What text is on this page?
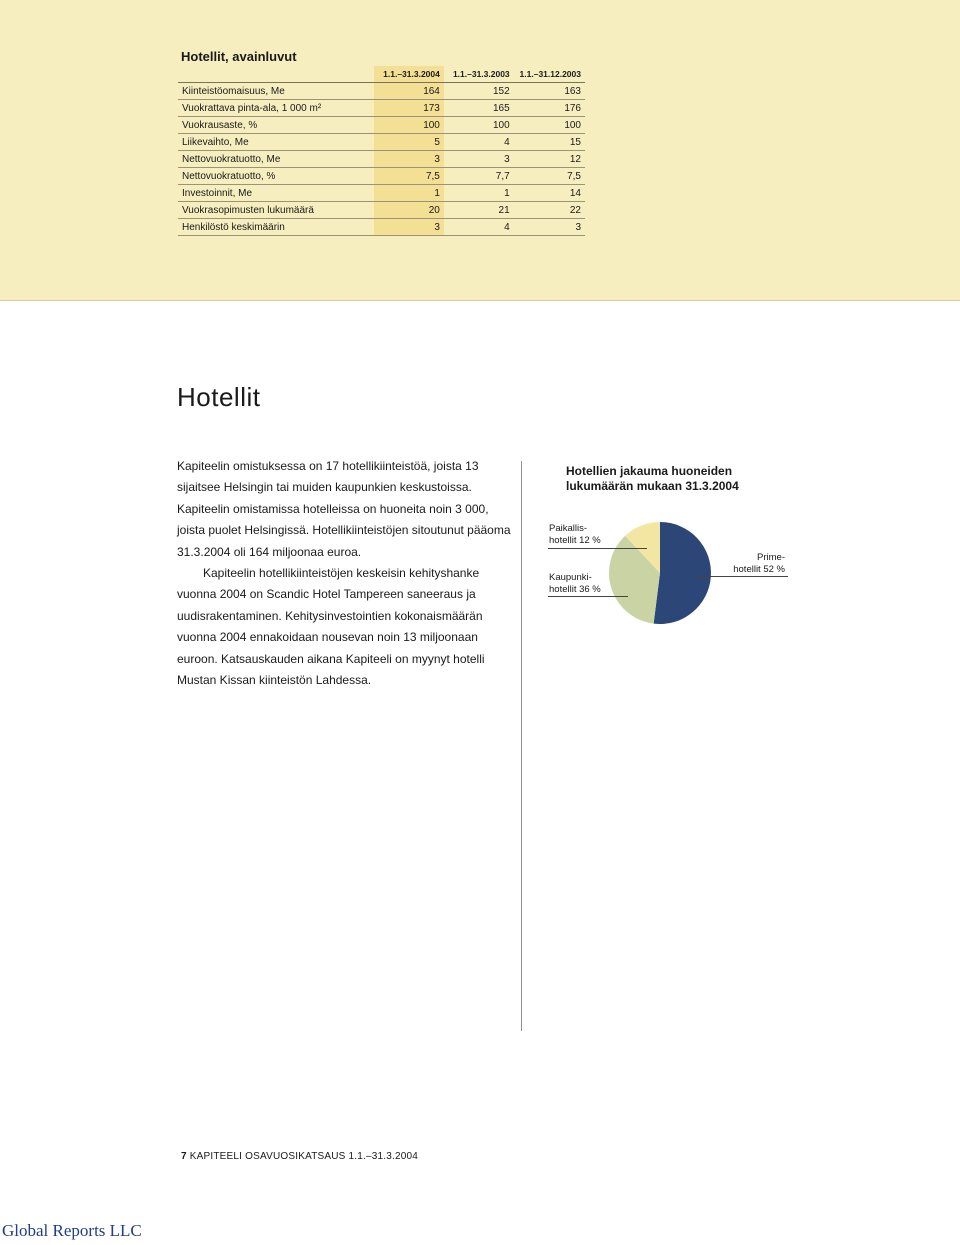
Hotellit, avainluvut
	1.1.–31.3.2004	1.1.–31.3.2003	1.1.–31.12.2003
Kiinteistöomaisuus, Me	164	152	163
Vuokrattava pinta-ala, 1 000 m²	173	165	176
Vuokrausaste, %	100	100	100
Liikevaihto, Me	5	4	15
Nettovuokratuotto, Me	3	3	12
Nettovuokratuotto, %	7,5	7,7	7,5
Investoinnit, Me	1	1	14
Vuokrasopimusten lukumäärä	20	21	22
Henkilöstö keskimäärin	3	4	3
Hotellit

Kapiteelin omistuksessa on 17 hotellikiinteistöä, joista 13 sijaitsee Helsingin tai muiden kaupunkien keskustoissa. Kapiteelin omistamissa hotelleissa on huoneita noin 3 000, joista puolet Helsingissä. Hotellikiinteistöjen sitoutunut pääoma 31.3.2004 oli 164 miljoonaa euroa.

Kapiteelin hotellikiinteistöjen keskeisin kehityshanke vuonna 2004 on Scandic Hotel Tampereen saneeraus ja uudisrakentaminen. Kehitysinvestointien kokonaismäärän vuonna 2004 ennakoidaan nousevan noin 13 miljoonaan euroon. Katsauskauden aikana Kapiteeli on myynyt hotelli Mustan Kissan kiinteistön Lahdessa.

Hotellien jakauma huoneiden lukumäärän mukaan 31.3.2004
Paikallis-
hotellit 12 %
Kaupunki-
hotellit 36 %
Prime-
hotellit 52 %
7 KAPITEELI OSAVUOSIKATSAUS 1.1.–31.3.2004
Global Reports LLC
